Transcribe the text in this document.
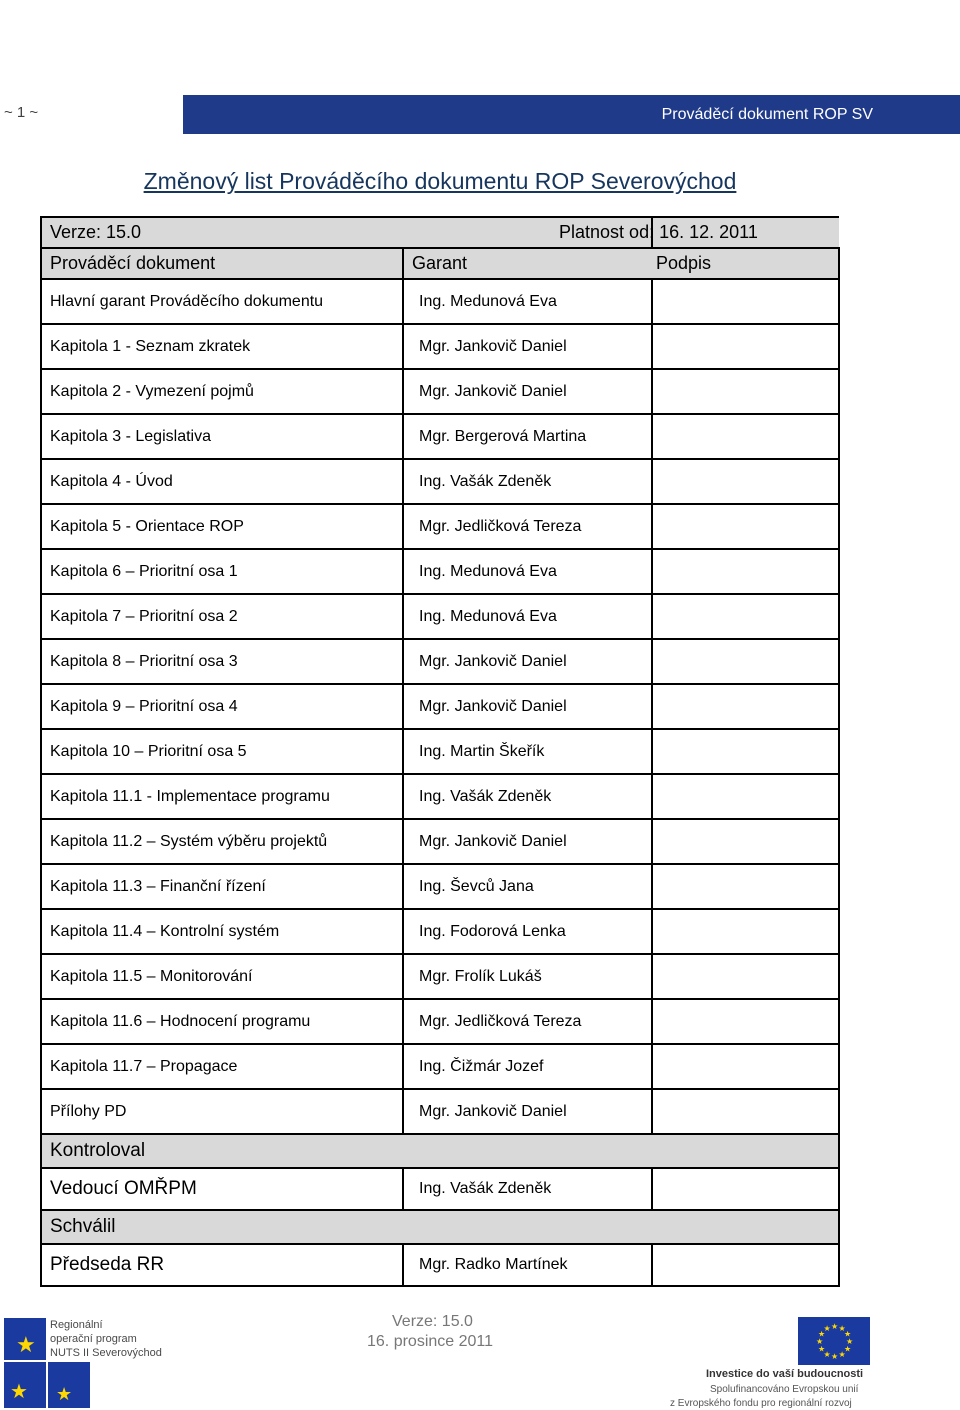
~ 1 ~	Prováděcí dokument ROP SV
Změnový list Prováděcího dokumentu ROP Severovýchod
Verze: 15.0		Platnost od: 16. 12. 2011
Prováděcí dokument	Garant	Podpis
Hlavní garant Prováděcího dokumentu	Ing. Medunová Eva	
Kapitola 1 - Seznam zkratek	Mgr. Jankovič Daniel	
Kapitola 2 - Vymezení pojmů	Mgr. Jankovič Daniel	
Kapitola 3 - Legislativa	Mgr. Bergerová Martina	
Kapitola 4 - Úvod	Ing. Vašák Zdeněk	
Kapitola 5 - Orientace ROP	Mgr. Jedličková Tereza	
Kapitola 6 – Prioritní osa 1	Ing. Medunová Eva	
Kapitola 7 – Prioritní osa 2	Ing. Medunová Eva	
Kapitola 8 – Prioritní osa 3	Mgr. Jankovič Daniel	
Kapitola 9 – Prioritní osa 4	Mgr. Jankovič Daniel	
Kapitola 10 – Prioritní osa 5	Ing. Martin Škeřík	
Kapitola 11.1 - Implementace programu	Ing. Vašák Zdeněk	
Kapitola 11.2 – Systém výběru projektů	Mgr. Jankovič Daniel	
Kapitola 11.3 – Finanční řízení	Ing. Ševců Jana	
Kapitola 11.4 – Kontrolní systém	Ing. Fodorová Lenka	
Kapitola 11.5 – Monitorování	Mgr. Frolík Lukáš	
Kapitola 11.6 – Hodnocení programu	Mgr. Jedličková Tereza	
Kapitola 11.7 – Propagace	Ing. Čižmár Jozef	
Přílohy PD	Mgr. Jankovič Daniel	
Kontroloval		
Vedoucí OMŘPM	Ing. Vašák Zdeněk	
Schválil		
Předseda RR	Mgr. Radko Martínek	
★
★ ★
Regionální
operační program
NUTS II Severovýchod
Verze: 15.0
16. prosince 2011
★ ★
★
★
★
★
★
★
★
★
★
★
Investice do vaší budoucnosti
Spolufinancováno Evropskou unií
z Evropského fondu pro regionální rozvoj
